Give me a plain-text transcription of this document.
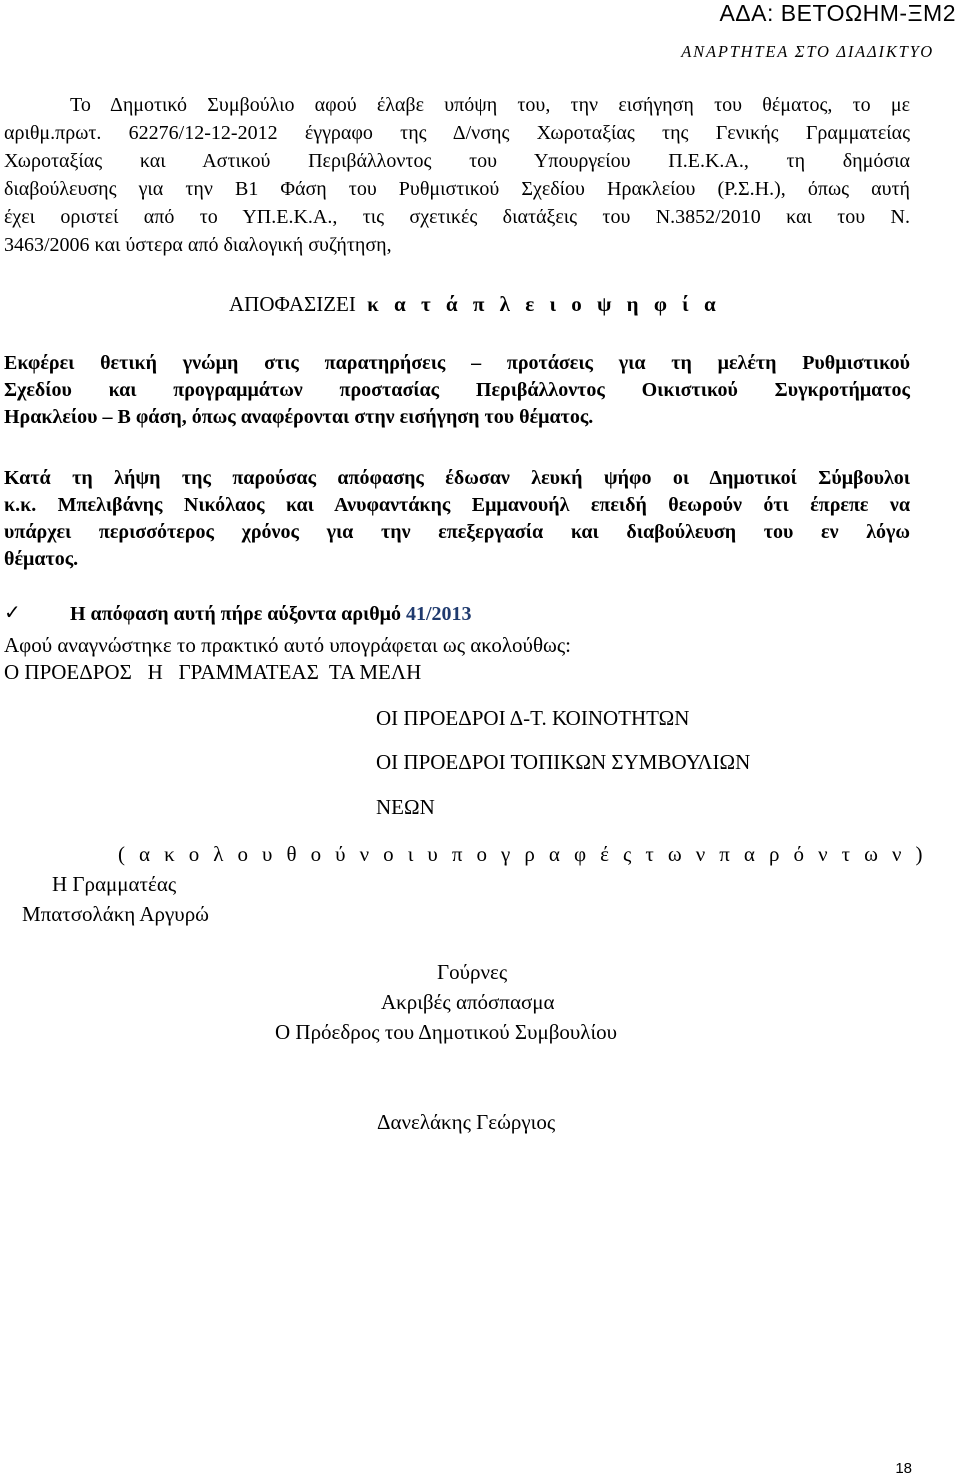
ΑΔΑ: ΒΕΤΟΩΗΜ-ΞΜ2
ΑΝΑΡΤΗΤΕΑ ΣΤΟ ΔΙΑΔΙΚΤΥΟ
Το Δημοτικό Συμβούλιο αφού έλαβε υπόψη του, την εισήγηση του θέματος, το με
αριθμ.πρωτ. 62276/12-12-2012 έγγραφο της Δ/νσης Χωροταξίας της Γενικής Γραμματείας
Χωροταξίας και Αστικού Περιβάλλοντος του Υπουργείου Π.Ε.Κ.Α., τη δημόσια
διαβούλευσης για την Β1 Φάση του Ρυθμιστικού Σχεδίου Ηρακλείου (Ρ.Σ.Η.), όπως αυτή
έχει οριστεί από το ΥΠ.Ε.Κ.Α., τις σχετικές διατάξεις του Ν.3852/2010 και του Ν.
3463/2006 και ύστερα από διαλογική συζήτηση,
ΑΠΟΦΑΣΙΖΕΙ κ α τ ά π λ ε ι ο ψ η φ ί α
Εκφέρει θετική γνώμη στις παρατηρήσεις – προτάσεις για τη μελέτη Ρυθμιστικού
Σχεδίου και προγραμμάτων προστασίας Περιβάλλοντος Οικιστικού Συγκροτήματος
Ηρακλείου – Β φάση, όπως αναφέρονται στην εισήγηση του θέματος.
Κατά τη λήψη της παρούσας απόφασης έδωσαν λευκή ψήφο οι Δημοτικοί Σύμβουλοι
κ.κ. Μπελιβάνης Νικόλαος και Ανυφαντάκης Εμμανουήλ επειδή θεωρούν ότι έπρεπε να
υπάρχει περισσότερος χρόνος για την επεξεργασία και διαβούλευση του εν λόγω
θέματος.
✓ Η απόφαση αυτή πήρε αύξοντα αριθμό 41/2013
Αφού αναγνώστηκε το πρακτικό αυτό υπογράφεται ως ακολούθως:
Ο ΠΡΟΕΔΡΟΣ   Η   ΓΡΑΜΜΑΤΕΑΣ  ΤΑ ΜΕΛΗ
ΟΙ ΠΡΟΕΔΡΟΙ Δ-Τ. ΚΟΙΝΟΤΗΤΩΝ
ΟΙ ΠΡΟΕΔΡΟΙ ΤΟΠΙΚΩΝ ΣΥΜΒΟΥΛΙΩΝ
ΝΕΩΝ
( α κ ο λ ο υ θ ο ύ ν ο ι υ π ο γ ρ α φ έ ς τ ω ν π α ρ ό ν τ ω ν )
Η Γραμματέας
Μπατσολάκη Αργυρώ
Γούρνες
Ακριβές απόσπασμα
Ο Πρόεδρος του Δημοτικού Συμβουλίου
Δανελάκης Γεώργιος
18
